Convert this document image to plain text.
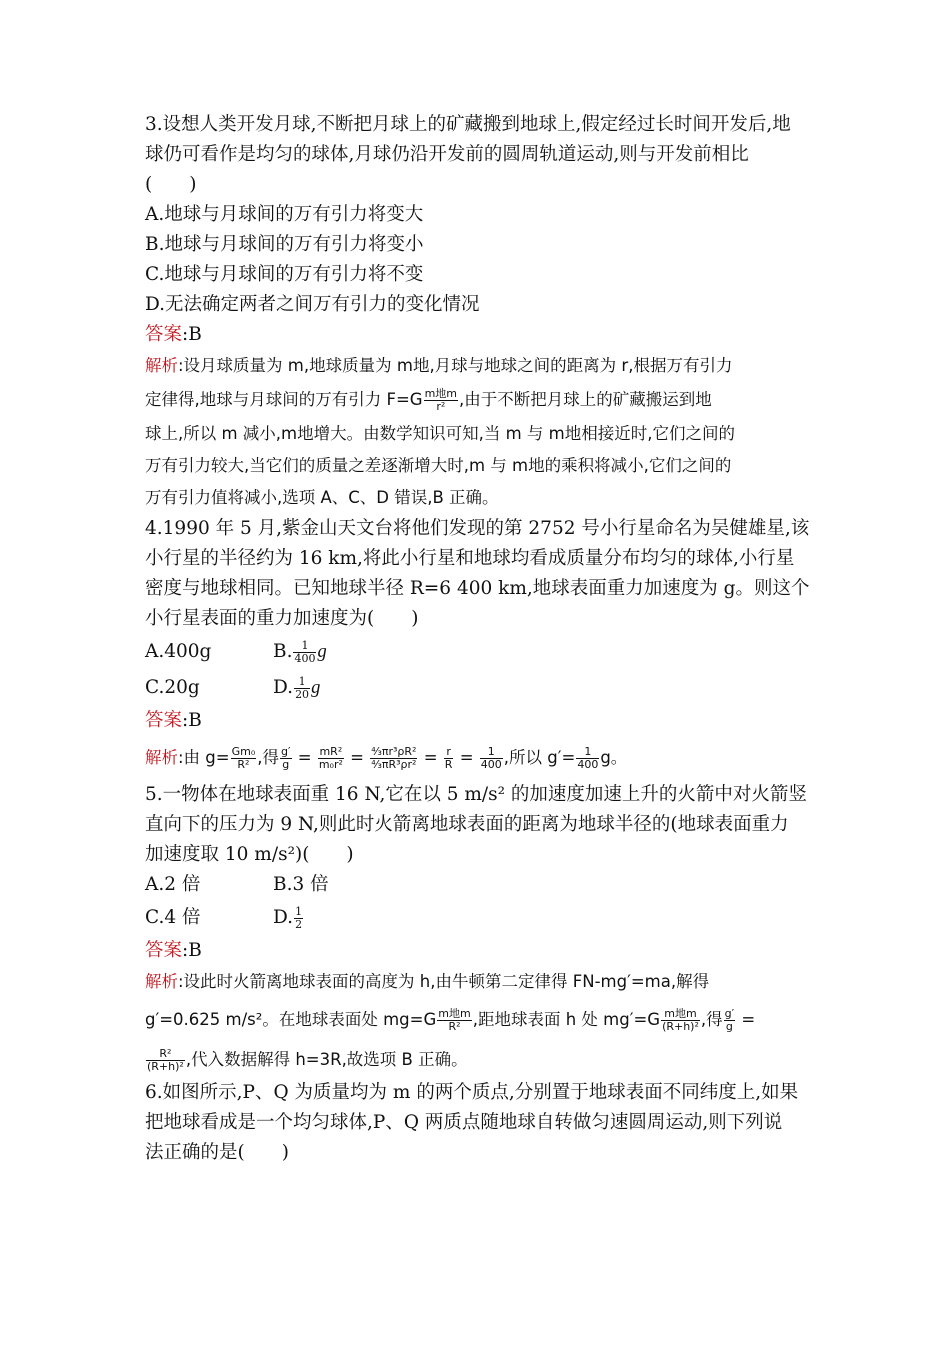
3.设想人类开发月球,不断把月球上的矿藏搬到地球上,假定经过长时间开发后,地
球仍可看作是均匀的球体,月球仍沿开发前的圆周轨道运动,则与开发前相比
(　　)
A.地球与月球间的万有引力将变大
B.地球与月球间的万有引力将变小
C.地球与月球间的万有引力将不变
D.无法确定两者之间万有引力的变化情况
答案:B
解析:设月球质量为 m,地球质量为 m地,月球与地球之间的距离为 r,根据万有引力
定律得,地球与月球间的万有引力 $F=G \frac{\text{m地m}}{\text{r²}}$ ,由于不断把月球上的矿藏搬运到地
球上,所以 m 减小,m地增大。由数学知识可知,当 m 与 m地相接近时,它们之间的
万有引力较大,当它们的质量之差逐渐增大时,m 与 m地的乘积将减小,它们之间的
万有引力值将减小,选项 A、C、D 错误,B 正确。
4.1990 年 5 月,紫金山天文台将他们发现的第 2752 号小行星命名为吴健雄星,该
小行星的半径约为 16 km,将此小行星和地球均看成质量分布均匀的球体,小行星
密度与地球相同。已知地球半径 R=6 400 km,地球表面重力加速度为 g。则这个
小行星表面的重力加速度为(　　)
A.400g	B. $\frac{1}{400}$ g
C.20g	D. $\frac{1}{20}$ g
答案:B
解析:由 $g= \frac{\text{Gm₀}}{\text{R²}}$ ,得 $\frac{g'}{g} = \frac{\text{mR²}}{\text{m₀r²}} = \frac{\text{⁴⁄₃πr³ρR²}}{\text{⁴⁄₃πR³ρr²}} = \frac{r}{R} = \frac{1}{400}$ ,所以 $g'= \frac{1}{400}$ g。
5.一物体在地球表面重 16 N,它在以 5 m/s² 的加速度加速上升的火箭中对火箭竖
直向下的压力为 9 N,则此时火箭离地球表面的距离为地球半径的(地球表面重力
加速度取 10 m/s²)(　　)
A.2 倍	B.3 倍
C.4 倍	D. $\frac{1}{2}$
答案:B
解析:设此时火箭离地球表面的高度为 h,由牛顿第二定律得 FN-mg′=ma,解得
g′=0.625 m/s²。在地球表面处 $mg=G \frac{\text{m地m}}{\text{R²}}$ ,距地球表面 h 处 $mg'=G \frac{\text{m地m}}{\text{(R+h)²}}$ ,得 $\frac{g'}{g}$ =
$\frac{\text{R²}}{\text{(R+h)²}}$ ,代入数据解得 h=3R,故选项 B 正确。
6.如图所示,P、Q 为质量均为 m 的两个质点,分别置于地球表面不同纬度上,如果
把地球看成是一个均匀球体,P、Q 两质点随地球自转做匀速圆周运动,则下列说
法正确的是(　　)
